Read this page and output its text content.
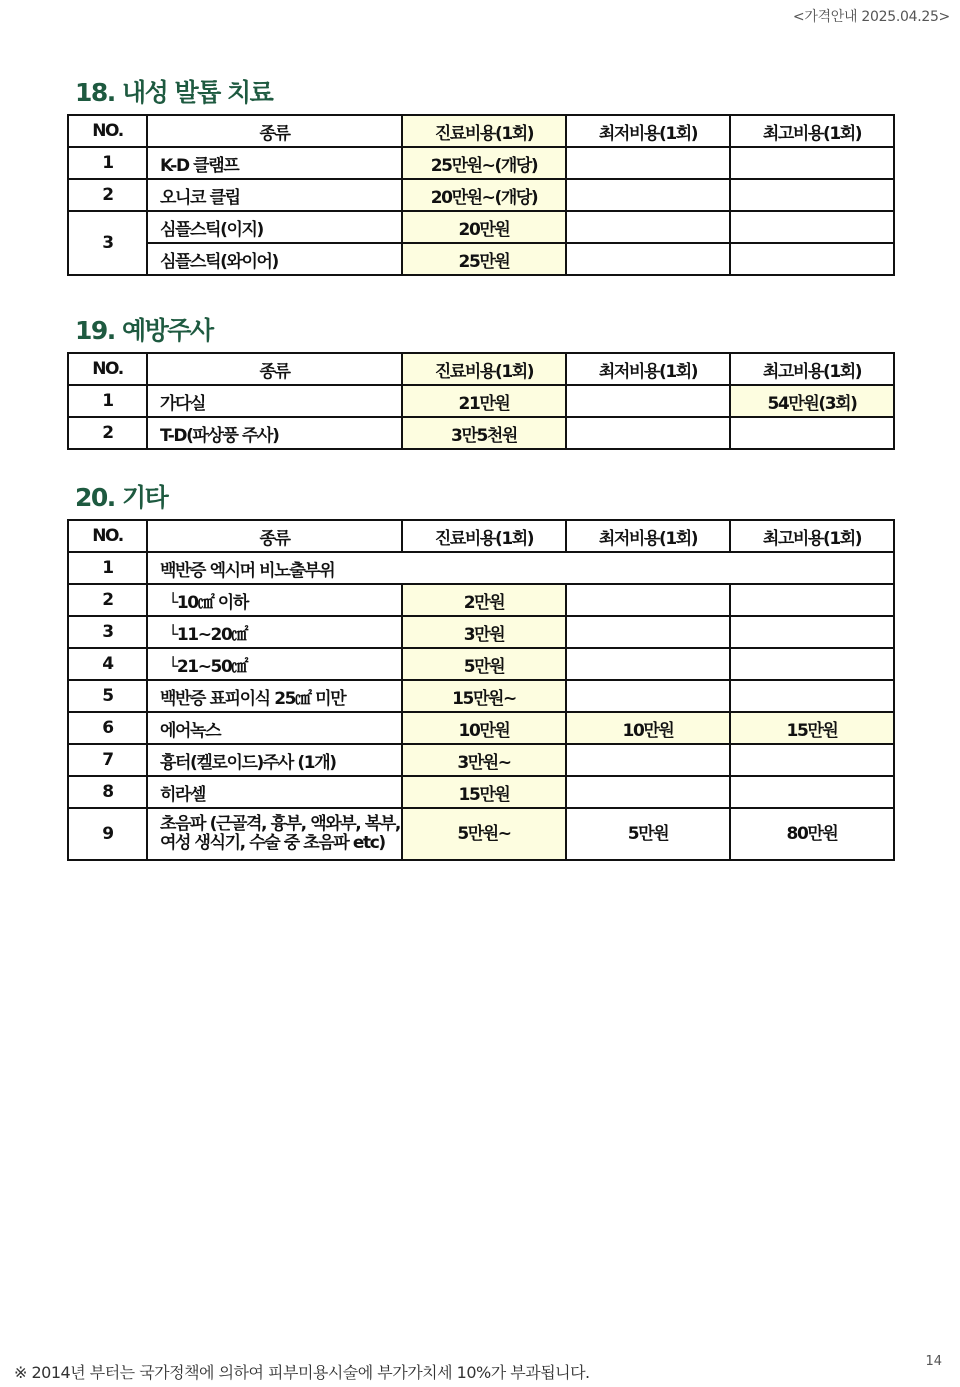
<가격안내 2025.04.25>
18. 내성 발톱 치료
NO.	종류	진료비용(1회)	최저비용(1회)	최고비용(1회)
1	K-D 클램프	25만원~(개당)		
2	오니코 클립	20만원~(개당)		
3	심플스틱(이지)	20만원		
	심플스틱(와이어)	25만원		
19. 예방주사
NO.	종류	진료비용(1회)	최저비용(1회)	최고비용(1회)
1	가다실	21만원		54만원(3회)
2	T-D(파상풍 주사)	3만5천원		
20. 기타
NO.	종류	진료비용(1회)	최저비용(1회)	최고비용(1회)
1	백반증 엑시머 비노출부위			
2	└10㎠ 이하	2만원		
3	└11~20㎠	3만원		
4	└21~50㎠	5만원		
5	백반증 표피이식 25㎠ 미만	15만원~		
6	에어녹스	10만원	10만원	15만원
7	흉터(켈로이드)주사 (1개)	3만원~		
8	히라셀	15만원		
9	초음파 (근골격, 흉부, 액와부, 복부,
여성 생식기, 수술 중 초음파 etc)	5만원~	5만원	80만원
※ 2014년 부터는 국가정책에 의하여 피부미용시술에 부가가치세 10%가 부과됩니다.
14
